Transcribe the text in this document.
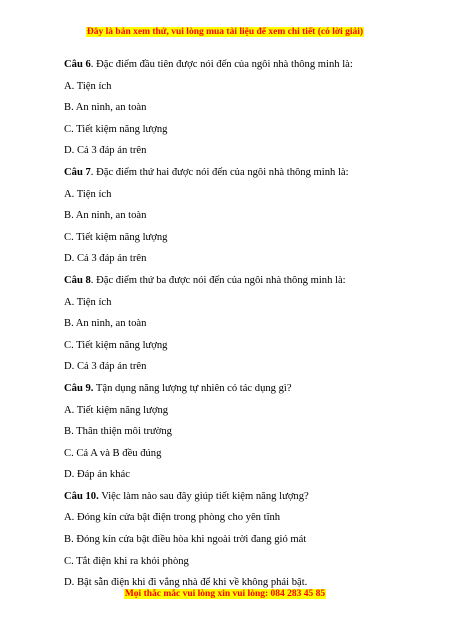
Đây là bản xem thử, vui lòng mua tài liệu để xem chi tiết (có lời giải)
Câu 6. Đặc điểm đầu tiên được nói đến của ngôi nhà thông minh là:
A. Tiện ích
B. An ninh, an toàn
C. Tiết kiệm năng lượng
D. Cả 3 đáp án trên
Câu 7. Đặc điểm thứ hai được nói đến của ngôi nhà thông minh là:
A. Tiện ích
B. An ninh, an toàn
C. Tiết kiệm năng lượng
D. Cả 3 đáp án trên
Câu 8. Đặc điểm thứ ba được nói đến của ngôi nhà thông minh là:
A. Tiện ích
B. An ninh, an toàn
C. Tiết kiệm năng lượng
D. Cả 3 đáp án trên
Câu 9. Tận dụng năng lượng tự nhiên có tác dụng gì?
A. Tiết kiệm năng lượng
B. Thân thiện môi trường
C. Cả A và B đều đúng
D. Đáp án khác
Câu 10. Việc làm nào sau đây giúp tiết kiệm năng lượng?
A. Đóng kín cửa bật điện trong phòng cho yên tĩnh
B. Đóng kín cửa bật điều hòa khi ngoài trời đang gió mát
C. Tắt điện khi ra khỏi phòng
D. Bật sẵn điện khi đi vắng nhà để khi về không phải bật.
Mọi thắc mắc vui lòng xin vui lòng: 084 283 45 85
